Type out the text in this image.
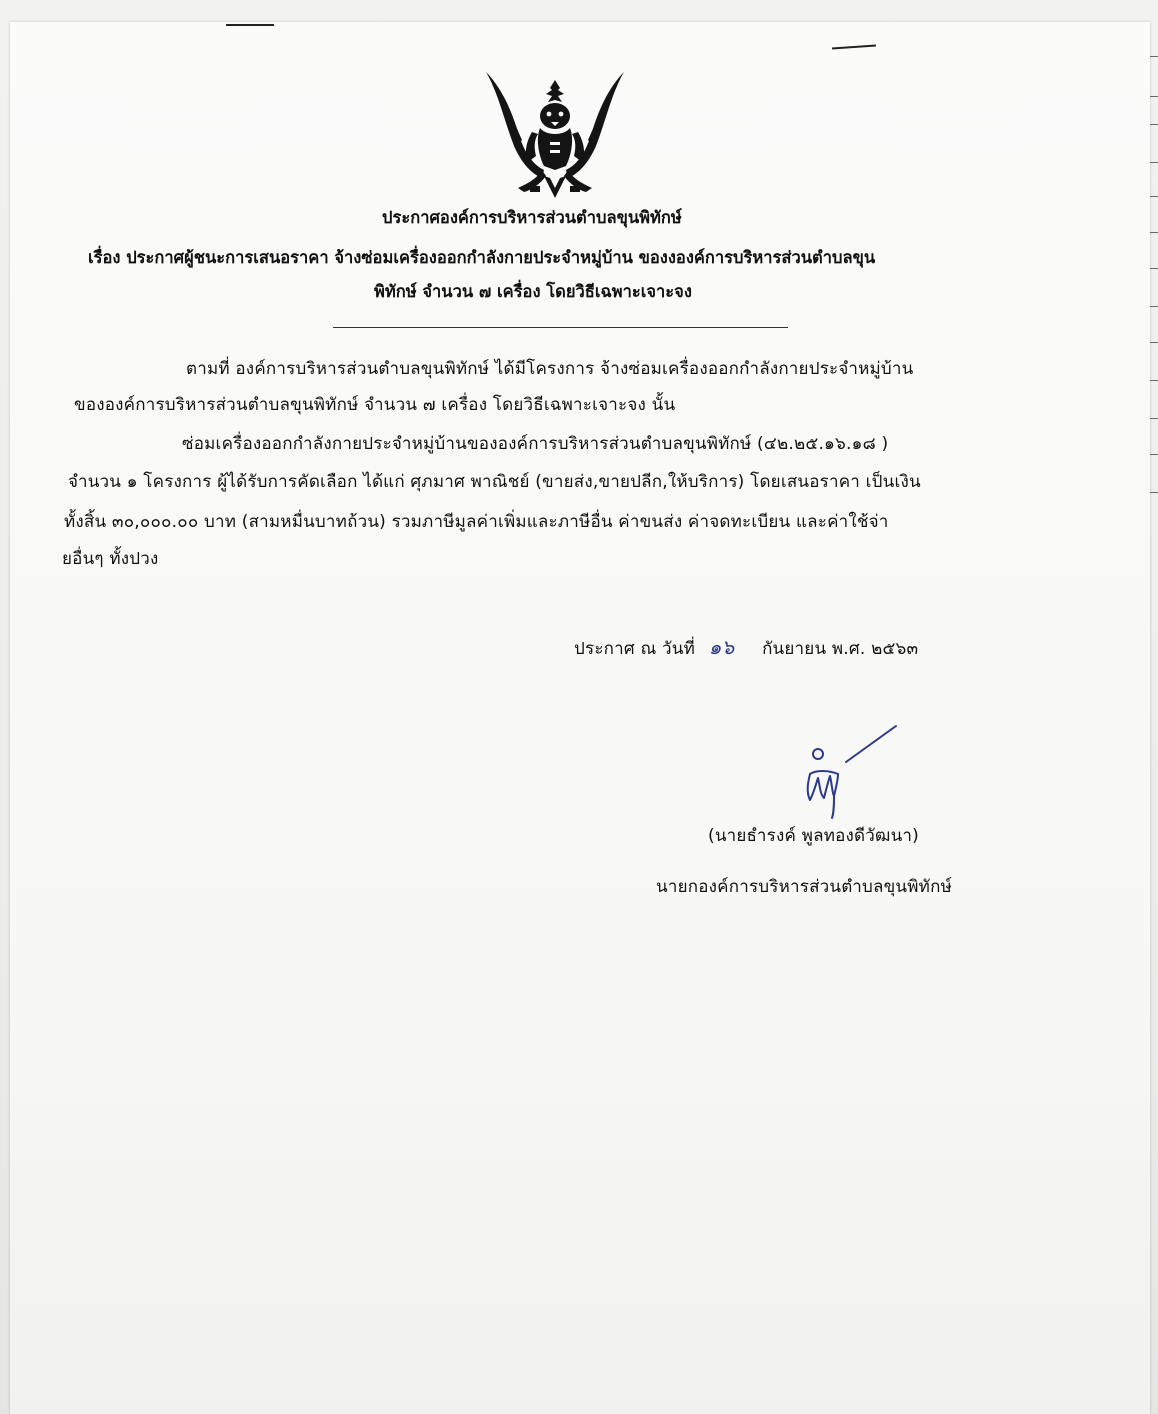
ประกาศองค์การบริหารส่วนตำบลขุนพิทักษ์
เรื่อง ประกาศผู้ชนะการเสนอราคา จ้างซ่อมเครื่องออกกำลังกายประจำหมู่บ้าน ของงองค์การบริหารส่วนตำบลขุน
พิทักษ์ จำนวน ๗ เครื่อง โดยวิธีเฉพาะเจาะจง
ตามที่ องค์การบริหารส่วนตำบลขุนพิทักษ์ ได้มีโครงการ จ้างซ่อมเครื่องออกกำลังกายประจำหมู่บ้าน
ขององค์การบริหารส่วนตำบลขุนพิทักษ์ จำนวน ๗ เครื่อง โดยวิธีเฉพาะเจาะจง นั้น
ซ่อมเครื่องออกกำลังกายประจำหมู่บ้านขององค์การบริหารส่วนตำบลขุนพิทักษ์ (๔๒.๒๕.๑๖.๑๘ )
จำนวน ๑ โครงการ ผู้ได้รับการคัดเลือก ได้แก่ ศุภมาศ พาณิชย์ (ขายส่ง,ขายปลีก,ให้บริการ) โดยเสนอราคา เป็นเงิน
ทั้งสิ้น ๓๐,๐๐๐.๐๐ บาท (สามหมื่นบาทถ้วน) รวมภาษีมูลค่าเพิ่มและภาษีอื่น ค่าขนส่ง ค่าจดทะเบียน และค่าใช้จ่า
ยอื่นๆ ทั้งปวง
ประกาศ ณ วันที่ ๑๖ กันยายน พ.ศ. ๒๕๖๓
(นายธำรงค์ พูลทองดีวัฒนา)
นายกองค์การบริหารส่วนตำบลขุนพิทักษ์
